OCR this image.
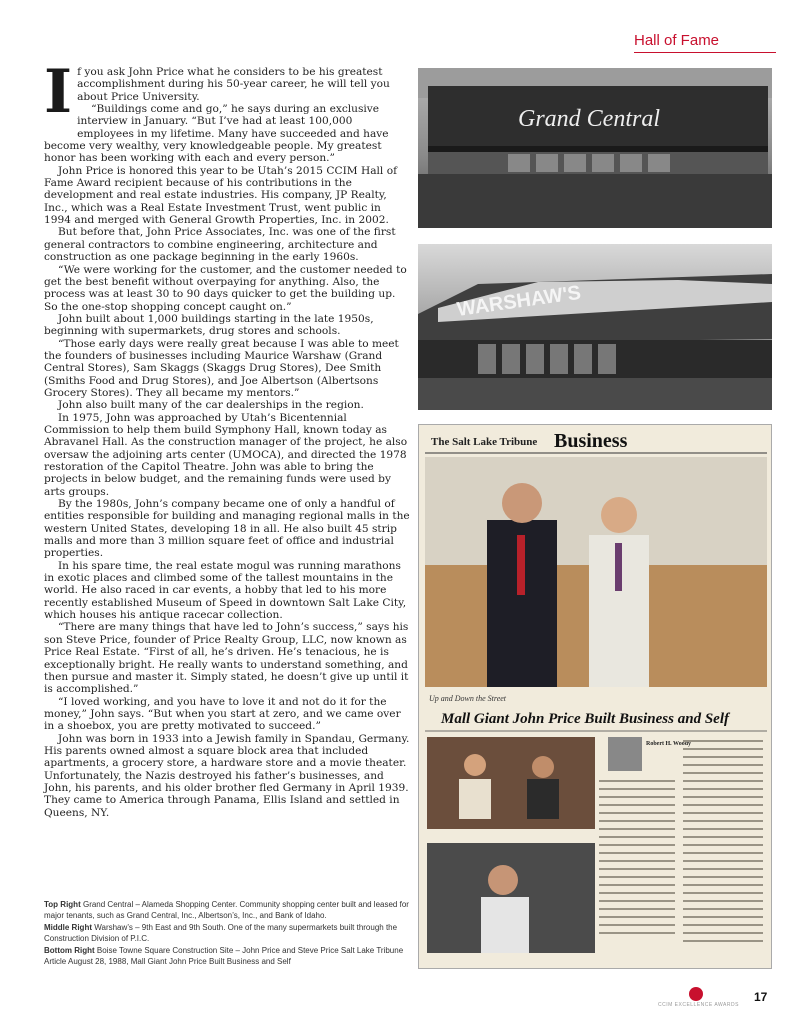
Hall of Fame
I f you ask John Price what he considers to be his greatest accomplishment during his 50-year career, he will tell you about Price University.

“Buildings come and go,” he says during an exclusive interview in January. “But I’ve had at least 100,000 employees in my lifetime. Many have succeeded and have become very wealthy, very knowledgeable people. My greatest honor has been working with each and every person.”

John Price is honored this year to be Utah’s 2015 CCIM Hall of Fame Award recipient because of his contributions in the development and real estate industries. His company, JP Realty, Inc., which was a Real Estate Investment Trust, went public in 1994 and merged with General Growth Properties, Inc. in 2002.

But before that, John Price Associates, Inc. was one of the first general contractors to combine engineering, architecture and construction as one package beginning in the early 1960s.

“We were working for the customer, and the customer needed to get the best benefit without overpaying for anything. Also, the process was at least 30 to 90 days quicker to get the building up. So the one-stop shopping concept caught on.”

John built about 1,000 buildings starting in the late 1950s, beginning with supermarkets, drug stores and schools.

“Those early days were really great because I was able to meet the founders of businesses including Maurice Warshaw (Grand Central Stores), Sam Skaggs (Skaggs Drug Stores), Dee Smith (Smiths Food and Drug Stores), and Joe Albertson (Albertsons Grocery Stores). They all became my mentors.”

John also built many of the car dealerships in the region.

In 1975, John was approached by Utah’s Bicentennial Commission to help them build Symphony Hall, known today as Abravanel Hall. As the construction manager of the project, he also oversaw the adjoining arts center (UMOCA), and directed the 1978 restoration of the Capitol Theatre. John was able to bring the projects in below budget, and the remaining funds were used by arts groups.

By the 1980s, John’s company became one of only a handful of entities responsible for building and managing regional malls in the western United States, developing 18 in all. He also built 45 strip malls and more than 3 million square feet of office and industrial properties.

In his spare time, the real estate mogul was running marathons in exotic places and climbed some of the tallest mountains in the world. He also raced in car events, a hobby that led to his more recently established Museum of Speed in downtown Salt Lake City, which houses his antique racecar collection.

“There are many things that have led to John’s success,” says his son Steve Price, founder of Price Realty Group, LLC, now known as Price Real Estate. “First of all, he’s driven. He’s tenacious, he is exceptionally bright. He really wants to understand something, and then pursue and master it. Simply stated, he doesn’t give up until it is accomplished.”

“I loved working, and you have to love it and not do it for the money,” John says. “But when you start at zero, and we came over in a shoebox, you are pretty motivated to succeed.”

John was born in 1933 into a Jewish family in Spandau, Germany. His parents owned almost a square block area that included apartments, a grocery store, a hardware store and a movie theater. Unfortunately, the Nazis destroyed his father’s businesses, and John, his parents, and his older brother fled Germany in April 1939. They came to America through Panama, Ellis Island and settled in Queens, NY.

Top Right Grand Central – Alameda Shopping Center. Community shopping center built and leased for major tenants, such as Grand Central, Inc., Albertson’s, Inc., and Bank of Idaho.

Middle Right Warshaw’s – 9th East and 9th South. One of the many supermarkets built through the Construction Division of P.I.C.

Bottom Right Boise Towne Square Construction Site – John Price and Steve Price Salt Lake Tribune Article August 28, 1988, Mall Giant John Price Built Business and Self

Grand Central
WARSHAW'S
The Salt Lake Tribune Business
Up and Down the Street
Mall Giant John Price Built Business and Self
Robert H. Woody
CCIM EXCELLENCE AWARDS
17
